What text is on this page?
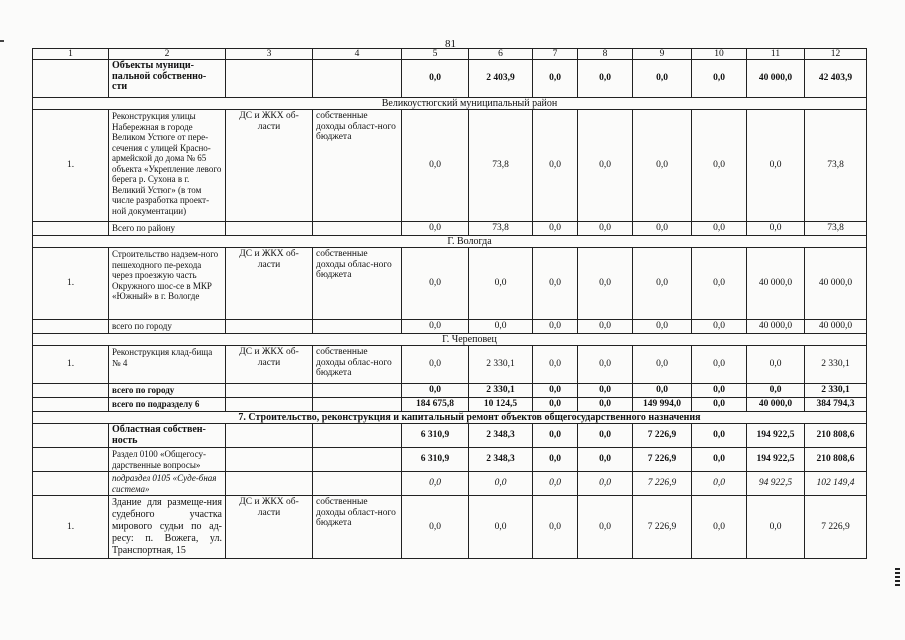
81
1	2	3	4	5	6	7	8	9	10	11	12
	Объекты муници-
пальной собственно-
сти			0,0	2 403,9	0,0	0,0	0,0	0,0	40 000,0	42 403,9
Великоустюгский муниципальный район											
1.	Реконструкция улицы Набережная в городе Великом Устюге от пере-сечения с улицей Красно-армейской до дома № 65 объекта «Укрепление левого берега р. Сухона в г. Великий Устюг» (в том числе разработка проект-ной документации)	ДС и ЖКХ об-
ласти	собственные доходы област-ного бюджета	0,0	73,8	0,0	0,0	0,0	0,0	0,0	73,8
	Всего по району			0,0	73,8	0,0	0,0	0,0	0,0	0,0	73,8
Г. Вологда											
1.	Строительство надзем-ного пешеходного пе-рехода через проезжую часть Окружного шос-се в МКР «Южный» в г. Вологде	ДС и ЖКХ об-
ласти	собственные доходы облас-ного бюджета	0,0	0,0	0,0	0,0	0,0	0,0	40 000,0	40 000,0
	всего по городу			0,0	0,0	0,0	0,0	0,0	0,0	40 000,0	40 000,0
Г. Череповец											
1.	Реконструкция клад-бища № 4	ДС и ЖКХ об-
ласти	собственные доходы облас-ного бюджета	0,0	2 330,1	0,0	0,0	0,0	0,0	0,0	2 330,1
	всего по городу			0,0	2 330,1	0,0	0,0	0,0	0,0	0,0	2 330,1
	всего по подразделу 6			184 675,8	10 124,5	0,0	0,0	149 994,0	0,0	40 000,0	384 794,3
7. Строительство, реконструкция и капитальный ремонт объектов общегосударственного назначения											
	Областная собствен-
ность			6 310,9	2 348,3	0,0	0,0	7 226,9	0,0	194 922,5	210 808,6
	Раздел 0100 «Общегосу-дарственные вопросы»			6 310,9	2 348,3	0,0	0,0	7 226,9	0,0	194 922,5	210 808,6
	подраздел 0105 «Суде-бная система»			0,0	0,0	0,0	0,0	7 226,9	0,0	94 922,5	102 149,4
1.	Здание для размеще-ния судебного участка мирового судьи по ад-ресу: п. Вожега, ул. Транспортная, 15	ДС и ЖКХ об-
ласти	собственные доходы област-ного бюджета	0,0	0,0	0,0	0,0	7 226,9	0,0	0,0	7 226,9
